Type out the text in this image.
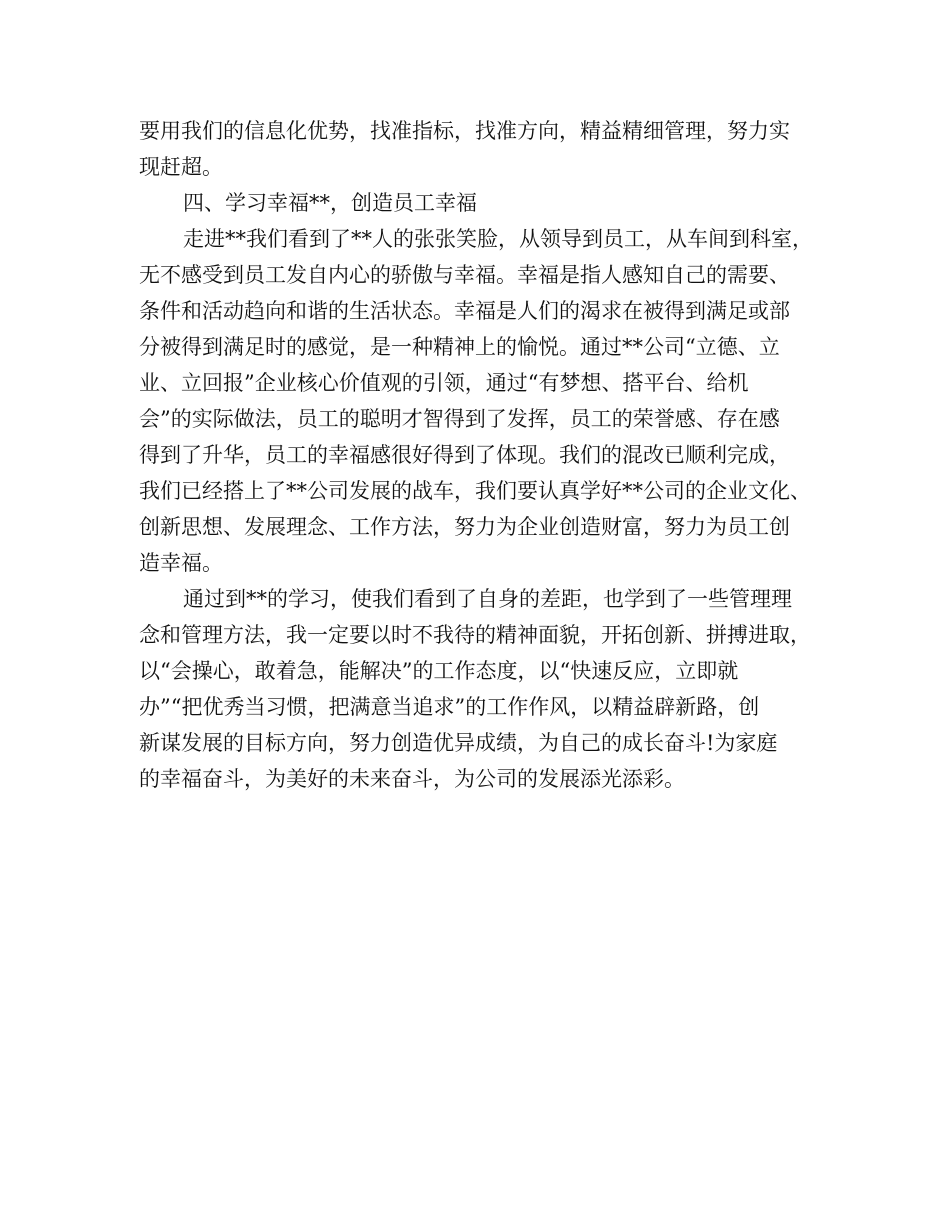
要用我们的信息化优势，找准指标，找准方向，精益精细管理，努力实
现赶超。
四、学习幸福**，创造员工幸福
走进**我们看到了**人的张张笑脸，从领导到员工，从车间到科室，
无不感受到员工发自内心的骄傲与幸福。幸福是指人感知自己的需要、
条件和活动趋向和谐的生活状态。幸福是人们的渴求在被得到满足或部
分被得到满足时的感觉，是一种精神上的愉悦。通过**公司“立德、立
业、立回报”企业核心价值观的引领，通过“有梦想、搭平台、给机
会”的实际做法，员工的聪明才智得到了发挥，员工的荣誉感、存在感
得到了升华，员工的幸福感很好得到了体现。我们的混改已顺利完成，
我们已经搭上了**公司发展的战车，我们要认真学好**公司的企业文化、
创新思想、发展理念、工作方法，努力为企业创造财富，努力为员工创
造幸福。
通过到**的学习，使我们看到了自身的差距，也学到了一些管理理
念和管理方法，我一定要以时不我待的精神面貌，开拓创新、拼搏进取，
以“会操心，敢着急，能解决”的工作态度，以“快速反应，立即就
办”“把优秀当习惯，把满意当追求”的工作作风，以精益辟新路，创
新谋发展的目标方向，努力创造优异成绩，为自己的成长奋斗!为家庭
的幸福奋斗，为美好的未来奋斗，为公司的发展添光添彩。
